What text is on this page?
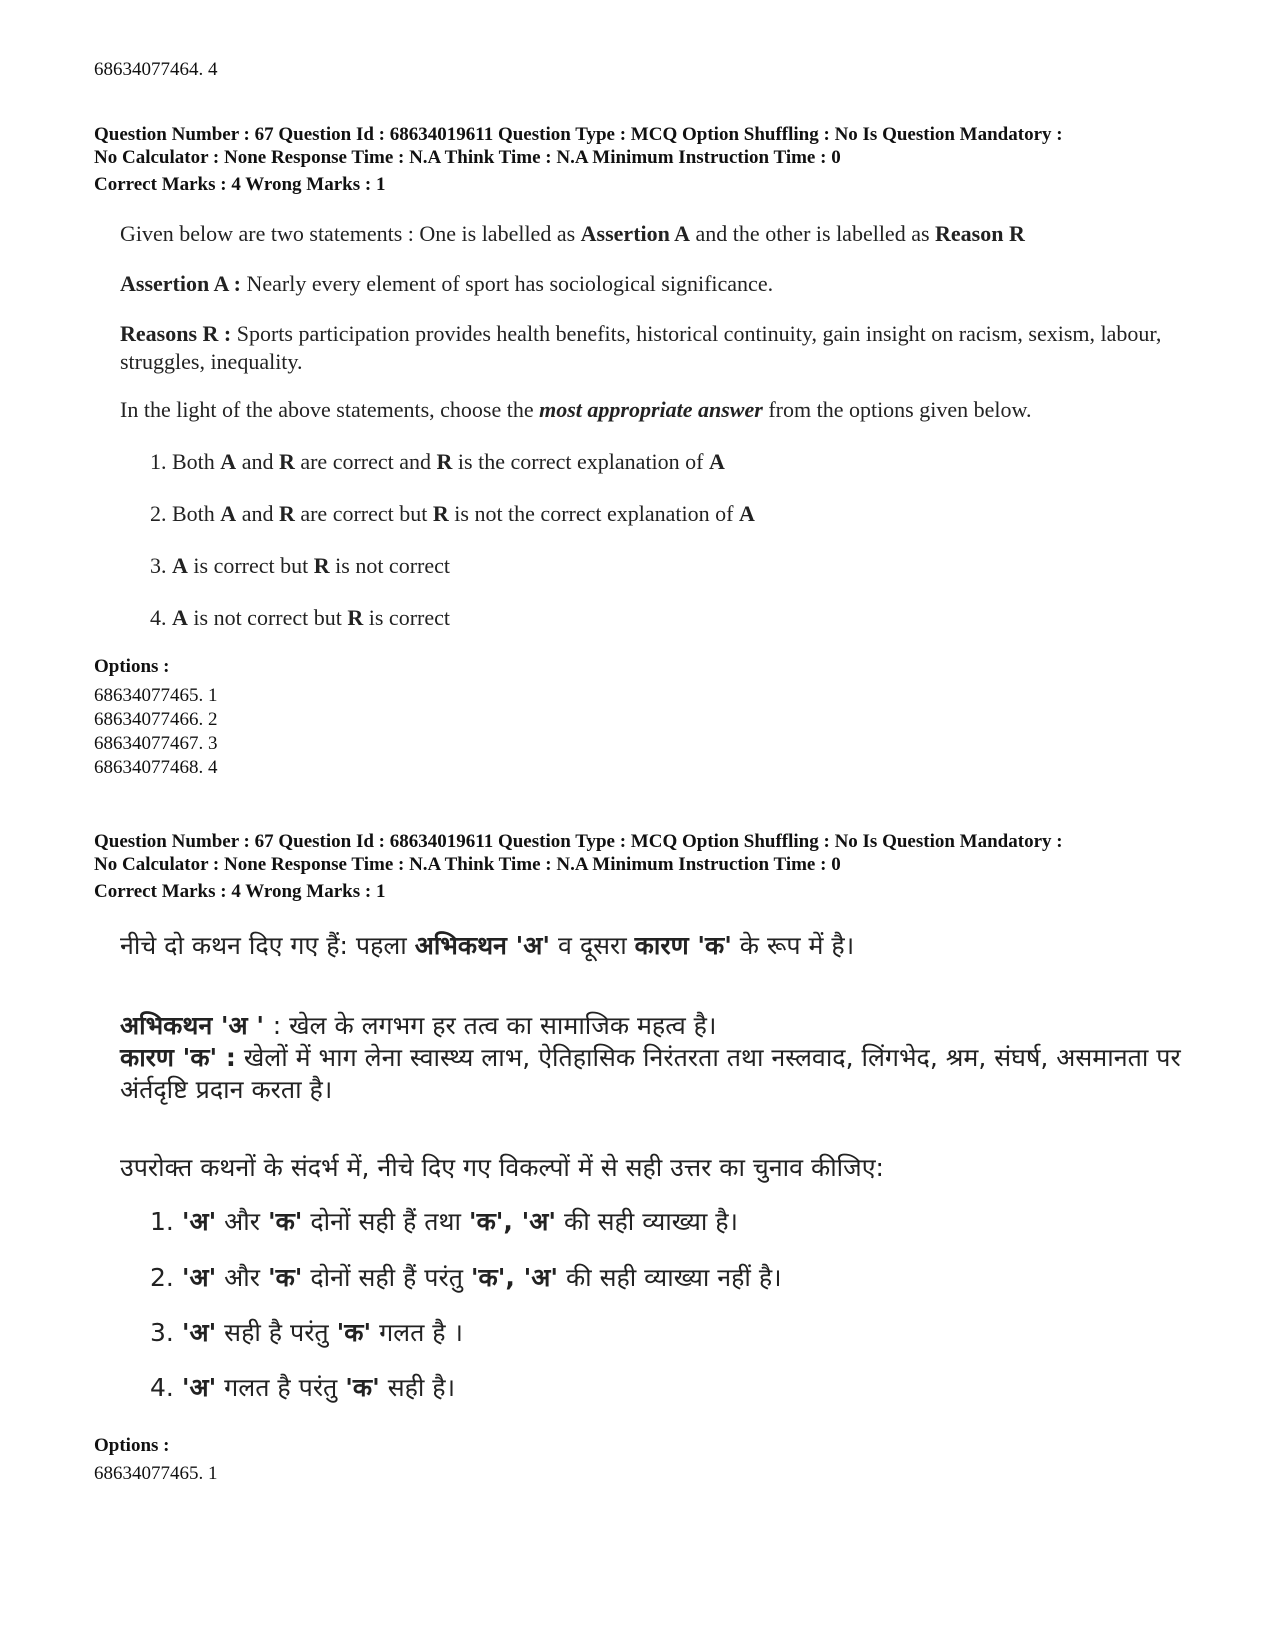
68634077464. 4
Question Number : 67 Question Id : 68634019611 Question Type : MCQ Option Shuffling : No Is Question Mandatory :
No Calculator : None Response Time : N.A Think Time : N.A Minimum Instruction Time : 0
Correct Marks : 4 Wrong Marks : 1
Given below are two statements : One is labelled as Assertion A and the other is labelled as Reason R
Assertion A : Nearly every element of sport has sociological significance.
Reasons R : Sports participation provides health benefits, historical continuity, gain insight on racism, sexism, labour, struggles, inequality.
In the light of the above statements, choose the most appropriate answer from the options given below.
1. Both A and R are correct and R is the correct explanation of A
2. Both A and R are correct but R is not the correct explanation of A
3. A is correct but R is not correct
4. A is not correct but R is correct
Options :
68634077465. 1
68634077466. 2
68634077467. 3
68634077468. 4
Question Number : 67 Question Id : 68634019611 Question Type : MCQ Option Shuffling : No Is Question Mandatory :
No Calculator : None Response Time : N.A Think Time : N.A Minimum Instruction Time : 0
Correct Marks : 4 Wrong Marks : 1
नीचे दो कथन दिए गए हैं: पहला अभिकथन 'अ' व दूसरा कारण 'क' के रूप में है।
अभिकथन 'अ ' : खेल के लगभग हर तत्व का सामाजिक महत्व है।
कारण 'क' : खेलों में भाग लेना स्वास्थ्य लाभ, ऐतिहासिक निरंतरता तथा नस्लवाद, लिंगभेद, श्रम, संघर्ष, असमानता पर अंर्तदृष्टि प्रदान करता है।
उपरोक्त कथनों के संदर्भ में, नीचे दिए गए विकल्पों में से सही उत्तर का चुनाव कीजिए:
1. 'अ' और 'क' दोनों सही हैं तथा 'क', 'अ' की सही व्याख्या है।
2. 'अ' और 'क' दोनों सही हैं परंतु 'क', 'अ' की सही व्याख्या नहीं है।
3. 'अ' सही है परंतु 'क' गलत है ।
4. 'अ' गलत है परंतु 'क' सही है।
Options :
68634077465. 1
